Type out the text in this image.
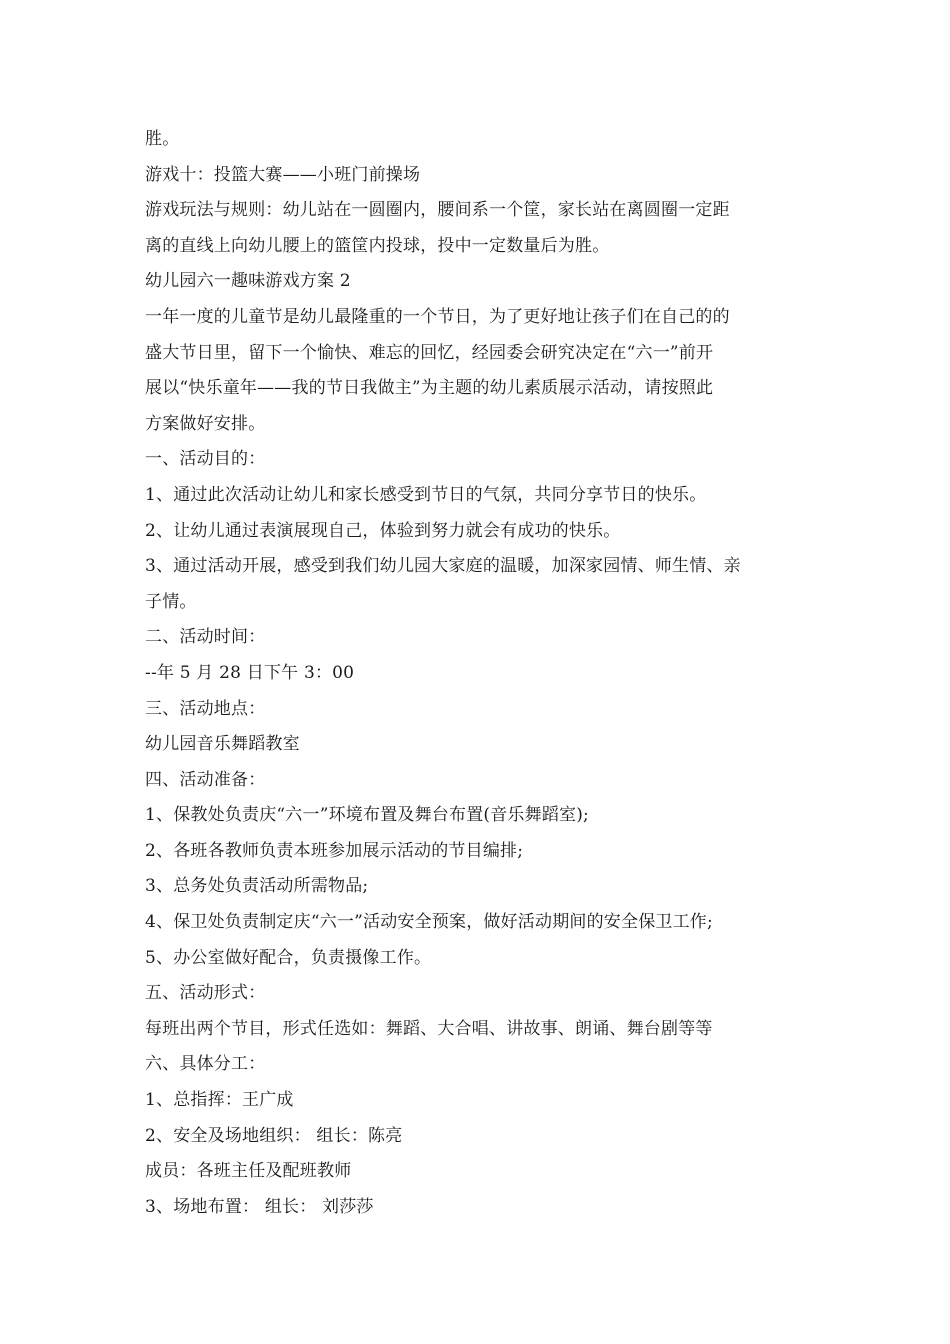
胜。
游戏十：投篮大赛——小班门前操场
游戏玩法与规则：幼儿站在一圆圈内，腰间系一个筐，家长站在离圆圈一定距
离的直线上向幼儿腰上的篮筐内投球，投中一定数量后为胜。
幼儿园六一趣味游戏方案 2
一年一度的儿童节是幼儿最隆重的一个节日，为了更好地让孩子们在自己的的
盛大节日里，留下一个愉快、难忘的回忆，经园委会研究决定在“六一”前开
展以“快乐童年——我的节日我做主”为主题的幼儿素质展示活动，请按照此
方案做好安排。
一、活动目的：
1、通过此次活动让幼儿和家长感受到节日的气氛，共同分享节日的快乐。
2、让幼儿通过表演展现自己，体验到努力就会有成功的快乐。
3、通过活动开展，感受到我们幼儿园大家庭的温暖，加深家园情、师生情、亲
子情。
二、活动时间：
--年 5 月 28 日下午 3：00
三、活动地点：
幼儿园音乐舞蹈教室
四、活动准备：
1、保教处负责庆“六一”环境布置及舞台布置(音乐舞蹈室);
2、各班各教师负责本班参加展示活动的节目编排;
3、总务处负责活动所需物品;
4、保卫处负责制定庆“六一”活动安全预案，做好活动期间的安全保卫工作;
5、办公室做好配合，负责摄像工作。
五、活动形式：
每班出两个节目，形式任选如：舞蹈、大合唱、讲故事、朗诵、舞台剧等等
六、具体分工：
1、总指挥：王广成
2、安全及场地组织： 组长：陈亮
成员：各班主任及配班教师
3、场地布置： 组长： 刘莎莎
